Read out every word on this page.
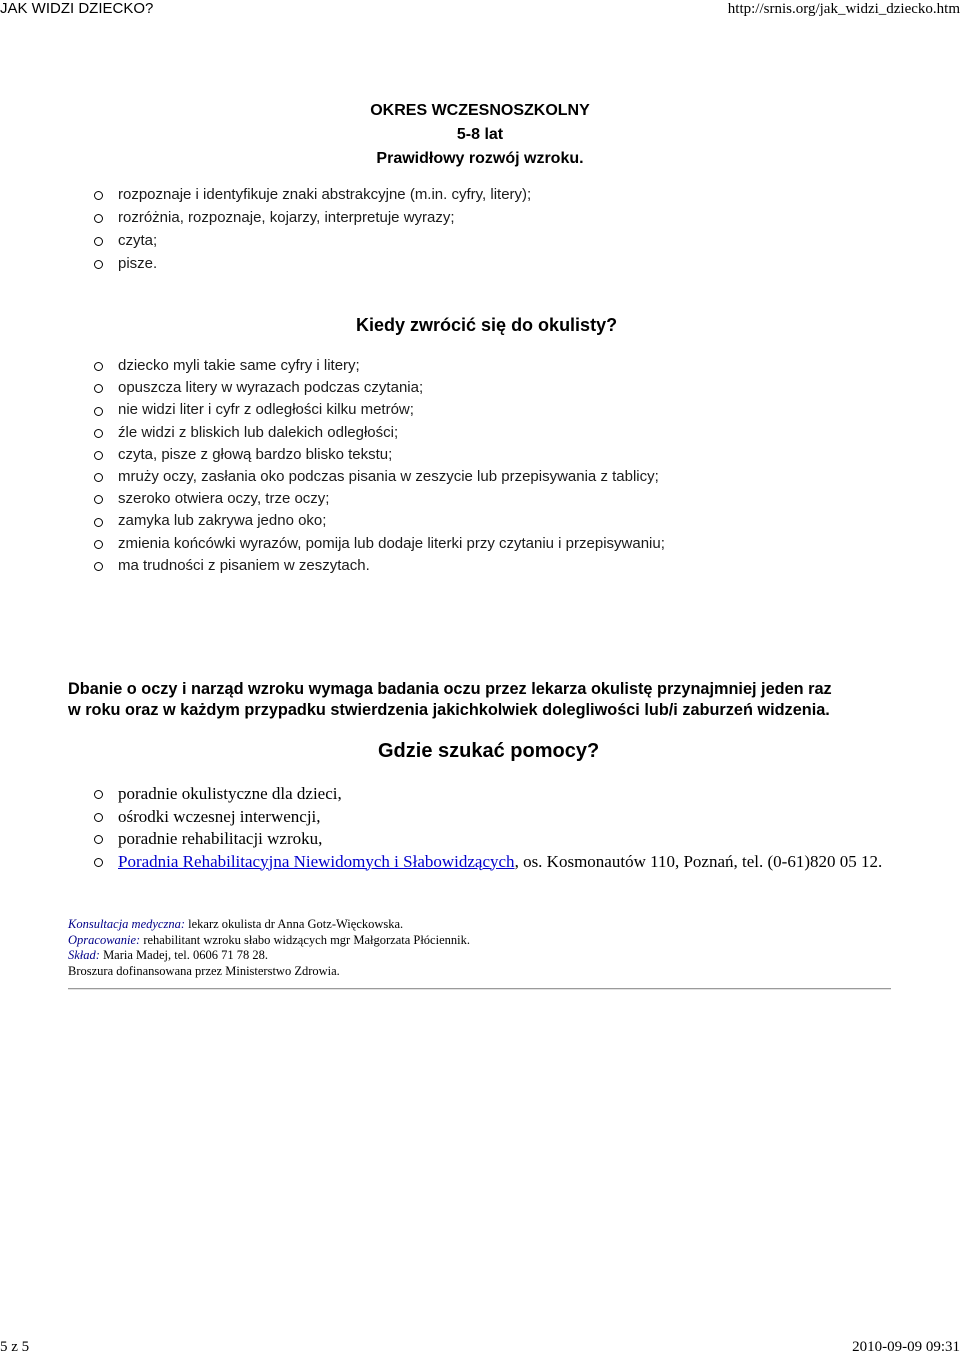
JAK WIDZI DZIECKO?	http://srnis.org/jak_widzi_dziecko.htm
OKRES WCZESNOSZKOLNY
5-8 lat
Prawidłowy rozwój wzroku.
rozpoznaje i identyfikuje znaki abstrakcyjne (m.in. cyfry, litery);
rozróżnia, rozpoznaje, kojarzy, interpretuje wyrazy;
czyta;
pisze.
Kiedy zwrócić się do okulisty?
dziecko myli takie same cyfry i litery;
opuszcza litery w wyrazach podczas czytania;
nie widzi liter i cyfr z odległości kilku metrów;
źle widzi z bliskich lub dalekich odległości;
czyta, pisze z głową bardzo blisko tekstu;
mruży oczy, zasłania oko podczas pisania w zeszycie lub przepisywania z tablicy;
szeroko otwiera oczy, trze oczy;
zamyka lub zakrywa jedno oko;
zmienia końcówki wyrazów, pomija lub dodaje literki przy czytaniu i przepisywaniu;
ma trudności z pisaniem w zeszytach.
Dbanie o oczy i narząd wzroku wymaga badania oczu przez lekarza okulistę przynajmniej jeden raz
w roku oraz w każdym przypadku stwierdzenia jakichkolwiek dolegliwości lub/i zaburzeń widzenia.
Gdzie szukać pomocy?
poradnie okulistyczne dla dzieci,
ośrodki wczesnej interwencji,
poradnie rehabilitacji wzroku,
Poradnia Rehabilitacyjna Niewidomych i Słabowidzących, os. Kosmonautów 110, Poznań, tel. (0-61)820 05 12.
Konsultacja medyczna: lekarz okulista dr Anna Gotz-Więckowska.
Opracowanie: rehabilitant wzroku słabo widzących mgr Małgorzata Płóciennik.
Skład: Maria Madej, tel. 0606 71 78 28.
Broszura dofinansowana przez Ministerstwo Zdrowia.
5 z 5	2010-09-09 09:31
